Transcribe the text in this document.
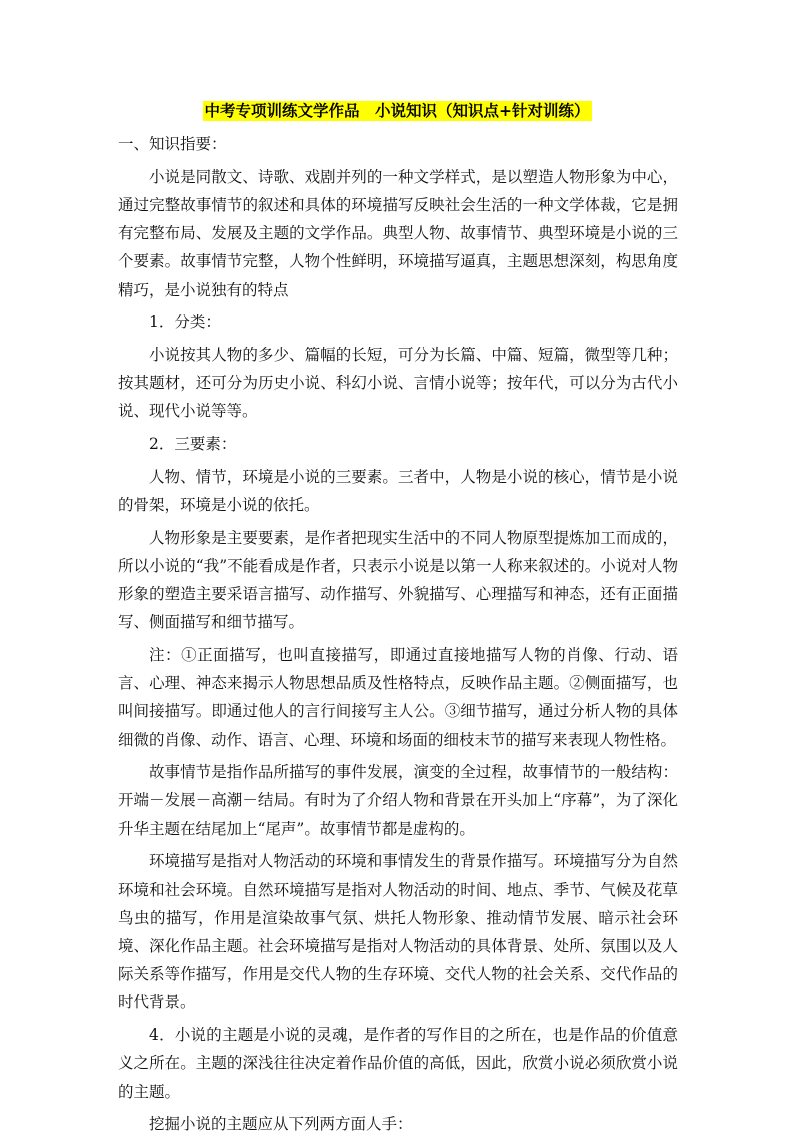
中考专项训练文学作品　小说知识（知识点+针对训练）

一、知识指要：

小说是同散文、诗歌、戏剧并列的一种文学样式，是以塑造人物形象为中心，通过完整故事情节的叙述和具体的环境描写反映社会生活的一种文学体裁，它是拥有完整布局、发展及主题的文学作品。典型人物、故事情节、典型环境是小说的三个要素。故事情节完整，人物个性鲜明，环境描写逼真，主题思想深刻，构思角度精巧，是小说独有的特点

1．分类：

小说按其人物的多少、篇幅的长短，可分为长篇、中篇、短篇，微型等几种；按其题材，还可分为历史小说、科幻小说、言情小说等；按年代，可以分为古代小说、现代小说等等。

2．三要素：

人物、情节，环境是小说的三要素。三者中，人物是小说的核心，情节是小说的骨架，环境是小说的依托。

人物形象是主要要素，是作者把现实生活中的不同人物原型提炼加工而成的，所以小说的“我”不能看成是作者，只表示小说是以第一人称来叙述的。小说对人物形象的塑造主要采语言描写、动作描写、外貌描写、心理描写和神态，还有正面描写、侧面描写和细节描写。

注：①正面描写，也叫直接描写，即通过直接地描写人物的肖像、行动、语言、心理、神态来揭示人物思想品质及性格特点，反映作品主题。②侧面描写，也叫间接描写。即通过他人的言行间接写主人公。③细节描写，通过分析人物的具体细微的肖像、动作、语言、心理、环境和场面的细枝末节的描写来表现人物性格。

故事情节是指作品所描写的事件发展，演变的全过程，故事情节的一般结构：开端－发展－高潮－结局。有时为了介绍人物和背景在开头加上“序幕”，为了深化升华主题在结尾加上“尾声”。故事情节都是虚构的。

环境描写是指对人物活动的环境和事情发生的背景作描写。环境描写分为自然环境和社会环境。自然环境描写是指对人物活动的时间、地点、季节、气候及花草鸟虫的描写，作用是渲染故事气氛、烘托人物形象、推动情节发展、暗示社会环境、深化作品主题。社会环境描写是指对人物活动的具体背景、处所、氛围以及人际关系等作描写，作用是交代人物的生存环境、交代人物的社会关系、交代作品的时代背景。

4．小说的主题是小说的灵魂，是作者的写作目的之所在，也是作品的价值意义之所在。主题的深浅往往决定着作品价值的高低，因此，欣赏小说必须欣赏小说的主题。

挖掘小说的主题应从下列两方面人手：
